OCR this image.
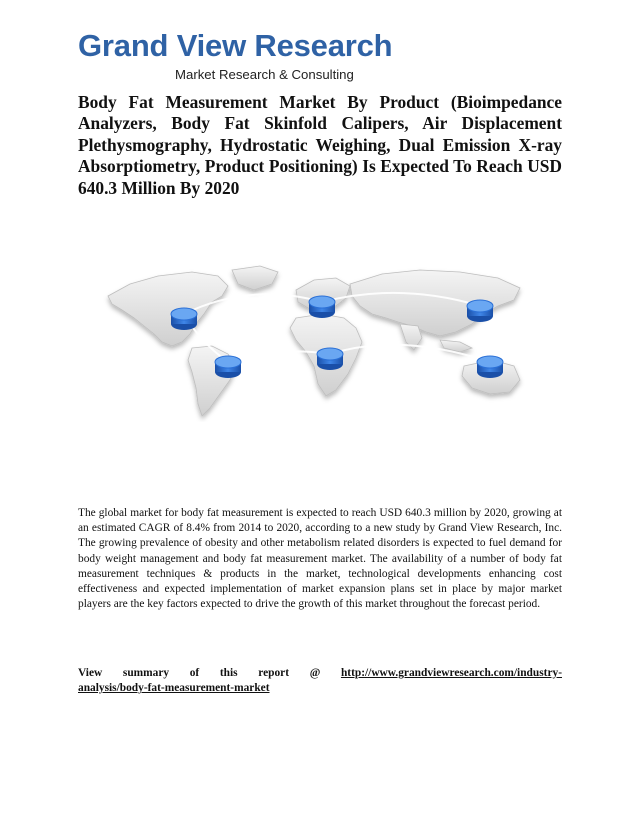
Grand View Research
Market Research & Consulting
Body Fat Measurement Market By Product (Bioimpedance Analyzers, Body Fat Skinfold Calipers, Air Displacement Plethysmography, Hydrostatic Weighing, Dual Emission X-ray Absorptiometry, Product Positioning) Is Expected To Reach USD 640.3 Million By 2020

The global market for body fat measurement is expected to reach USD 640.3 million by 2020, growing at an estimated CAGR of 8.4% from 2014 to 2020, according to a new study by Grand View Research, Inc. The growing prevalence of obesity and other metabolism related disorders is expected to fuel demand for body weight management and body fat measurement market. The availability of a number of body fat measurement techniques & products in the market, technological developments enhancing cost effectiveness and expected implementation of market expansion plans set in place by major market players are the key factors expected to drive the growth of this market throughout the forecast period.

View summary of this report @ http://www.grandviewresearch.com/industry-
analysis/body-fat-measurement-market
